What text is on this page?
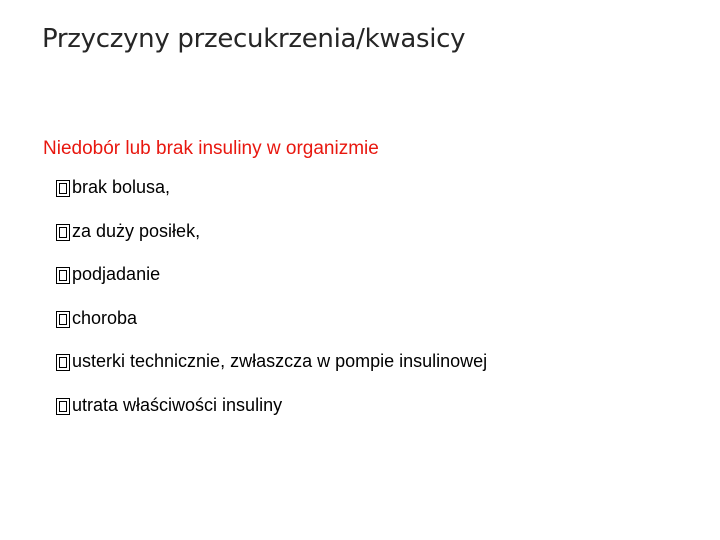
Przyczyny przecukrzenia/kwasicy
Niedobór lub brak insuliny w organizmie
brak bolusa,
za duży posiłek,
podjadanie
choroba
usterki technicznie, zwłaszcza w pompie insulinowej
utrata właściwości insuliny
